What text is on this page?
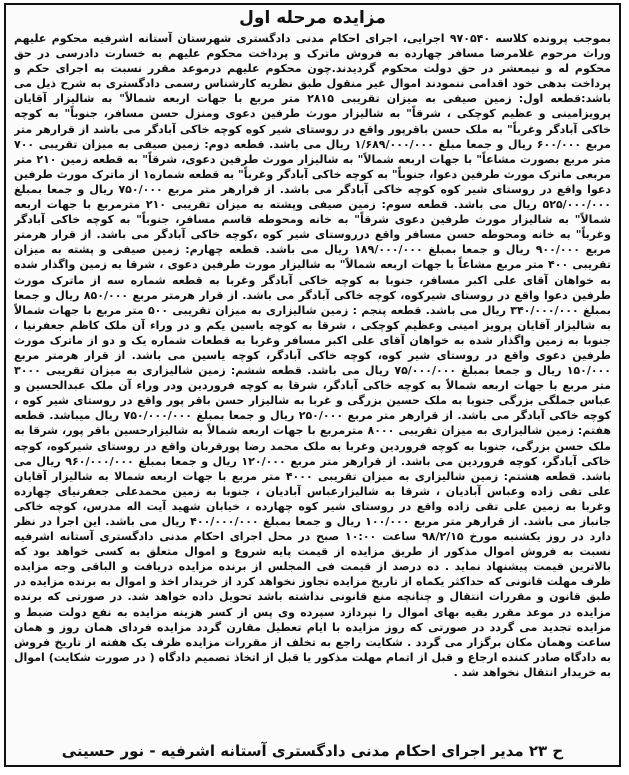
مزایده مرحله اول
بموجب پرونده کلاسه ۹۷۰۵۴۰ اجرایی، اجرای احکام مدنی دادگستری شهرستان آستانه اشرفیه محکوم علیهم وراث مرحوم غلامرضا مسافر چهارده به فروش ماترک و پرداخت محکوم علیهم به خسارت دادرسی در حق محکوم له و نیمعشر در حق دولت محکوم گردیدند.چون محکوم علیهم درموعد مقرر نسبت به اجرای حکم و پرداخت بدهی خود اقدامی ننمودند اموال غیر منقول طبق نظریه کارشناس رسمی دادگستری به شرح ذیل می باشد:قطعه اول: زمین صیفی به میزان تقریبی ۲۸۱۵ متر مربع با جهات اربعه شمالاً" به شالیزار آقایان پرویزامینی و عظیم کوچکی ، شرقاً" به شالیزار مورث طرفین دعوی ومنزل حسن مسافر، جنوباً" به کوچه خاکی آبادگر وغرباً" به ملک حسن باقرپور واقع در روستای شیر کوه کوچه خاکی آبادگر می باشد از قرارهر متر مربع ۶۰۰/۰۰۰ ریال و جمعا مبلغ ۱/۶۸۹/۰۰۰/۰۰۰ ریال می باشد. قطعه دوم: زمین صیفی به میزان تقریبی ۷۰۰ متر مربع بصورت مشاعاً" با جهات اربعه شمالاً" به شالیزار مورث طرفین دعوی، شرقاً" به قطعه زمین ۲۱۰ متر مربعی ماترک مورث طرفین دعوا، جنوباً" به کوچه خاکی آبادگر وغرباً" به قطعه شماره۱ از ماترک مورث طرفین دعوا واقع در روستای شیر کوه کوچه خاکی آبادگر می باشد. از قرارهر متر مربع ۷۵۰/۰۰۰ ریال و جمعا بمبلغ ۵۲۵/۰۰۰/۰۰۰ ریال می باشد. قطعه سوم: زمین صیفی وپشته به میزان تقریبی ۲۱۰ مترمربع با جهات اربعه شمالاً" به شالیزار مورث طرفین دعوی شرقاً" به خانه ومحوطه قاسم مسافر، جنوباً" به کوچه خاکی آبادگر وغرباً" به خانه ومحوطه حسن مسافر واقع درروستای شیر کوه ،کوچه خاکی آبادگر می باشد. از قرار هرمتر مربع ۹۰۰/۰۰۰ ریال و جمعا بمبلغ ۱۸۹/۰۰۰/۰۰۰ ریال می باشد. قطعه چهارم: زمین صیفی و پشته به میزان تقریبی ۴۰۰ متر مربع مشاعاً با جهات اربعه شمالاً" به شالیزار مورث طرفین دعوی ، شرقا به زمین واگذار شده به خواهان آقای علی اکبر مسافر، جنوبا به کوچه خاکی آبادگر وغربا به قطعه شماره سه از ماترک مورث طرفین دعوا واقع در روستای شیرکوه، کوچه خاکی آبادگر می باشد. از قرار هرمتر مربع ۸۵۰/۰۰۰ ریال و جمعا بمبلغ ۳۴۰/۰۰۰/۰۰۰ ریال می باشد. قطعه پنجم : زمین شالیزاری به میزان تقریبی ۵۰۰ متر مربع با جهات شمالاً به شالیزار آقایان پرویز امینی وعظیم کوچکی ، شرقا به کوچه یاسین یکم و در وراء آن ملک کاظم جعفرنیا ، جنوبا به زمین واگذار شده به خواهان آقای علی اکبر مسافر وغربا به قطعات شماره یک و دو از ماترک مورث طرفین دعوی واقع در روستای شیر کوه، کوچه خاکی آبادگر، کوچه یاسین می باشد. از قرار هرمتر مربع ۱۵۰/۰۰۰ ریال و جمعا بمبلغ ۷۵/۰۰۰/۰۰۰ ریال می باشد. قطعه ششم: زمین شالیزاری به میزان تقریبی ۳۰۰۰ متر مربع با جهات اربعه شمالاً به کوچه خاکی آبادگر، شرقا به کوچه فروردین ودر وراء آن ملک عبدالحسین و عباس جملگی بزرگی جنوبا به ملک حسین بزرگی و غربا به شالیزار حسن باقر پور واقع در روستای شیر کوه ، کوچه خاکی آبادگر می باشد. از قرارهر متر مربع ۲۵۰/۰۰۰ ریال و جمعا بمبلغ ۷۵۰/۰۰۰/۰۰۰ ریال میباشد. قطعه هفتم: زمین شالیزاری به میزان تقریبی ۸۰۰۰ مترمربع با جهات اربعه شمالاً به شالیزارحسین باقر پور، شرقا به ملک حسن بزرگی، جنوبا به کوچه فروردین وغربا به ملک محمد رضا پورقربان واقع در روستای شیرکوه، کوچه خاکی آبادگر، کوچه فروردین می باشد. از قرارهر متر مربع ۱۲۰/۰۰۰ ریال و جمعا بمبلغ ۹۶۰/۰۰۰/۰۰۰ ریال می باشد. قطعه هشتم: زمین شالیزاری به میزان تقریبی ۴۰۰۰ متر مربع با جهات اربعه شمالا به شالیزار آقایان علی تقی زاده وعباس آبادیان ، شرقا به شالیزارعباس آبادیان ، جنوبا به زمین محمدعلی جعفرنیای چهارده وغربا به زمین علی تقی زاده واقع در روستای شیر کوه چهارده ، خیابان شهید آیت اله مدرس، کوچه خاکی جانباز می باشد. از قرارهر متر مربع ۱۰۰/۰۰۰ ریال و جمعا بمبلغ ۴۰۰/۰۰۰/۰۰۰ ریال می باشد. این اجرا در نظر دارد در روز یکشنبه مورخ ۹۸/۲/۱۵ ساعت ۱۰:۰۰ صبح در محل اجرای احکام مدنی دادگستری آستانه اشرفیه نسبت به فروش اموال مذکور از طریق مزایده از قیمت پایه شروع و اموال متعلق به کسی خواهد بود که بالاترین قیمت پیشنهاد نماید . ده درصد از قیمت فی المجلس از برنده مزایده دریافت و الباقی وجه مزایده ظرف مهلت قانونی که حداکثر یکماه از تاریخ مزایده تجاوز نخواهد کرد از خریدار اخذ و اموال به برنده مزایده در طبق قانون و مقررات انتقال و چنانچه منع قانونی نداشته باشد تحویل داده خواهد شد. در صورتی که برنده مزایده در موعد مقرر بقیه بهای اموال را نپردازد سپرده وی پس از کسر هزینه مزایده به نفع دولت ضبط و مزایده تجدید می گردد در صورتی که روز مزایده با ایام تعطیل مقارن گردد مزایده فردای همان روز و همان ساعت وهمان مکان برگزار می گردد . شکایت راجع به تخلف از مقررات مزایده ظرف یک هفته از تاریخ فروش به دادگاه صادر کننده ارجاع و قبل از اتمام مهلت مذکور یا قبل از اتخاذ تصمیم دادگاه ( در صورت شکایت) اموال به خریدار انتقال نخواهد شد .
ح ۲۳ مدیر اجرای احکام مدنی دادگستری آستانه اشرفیه - نور حسینی
